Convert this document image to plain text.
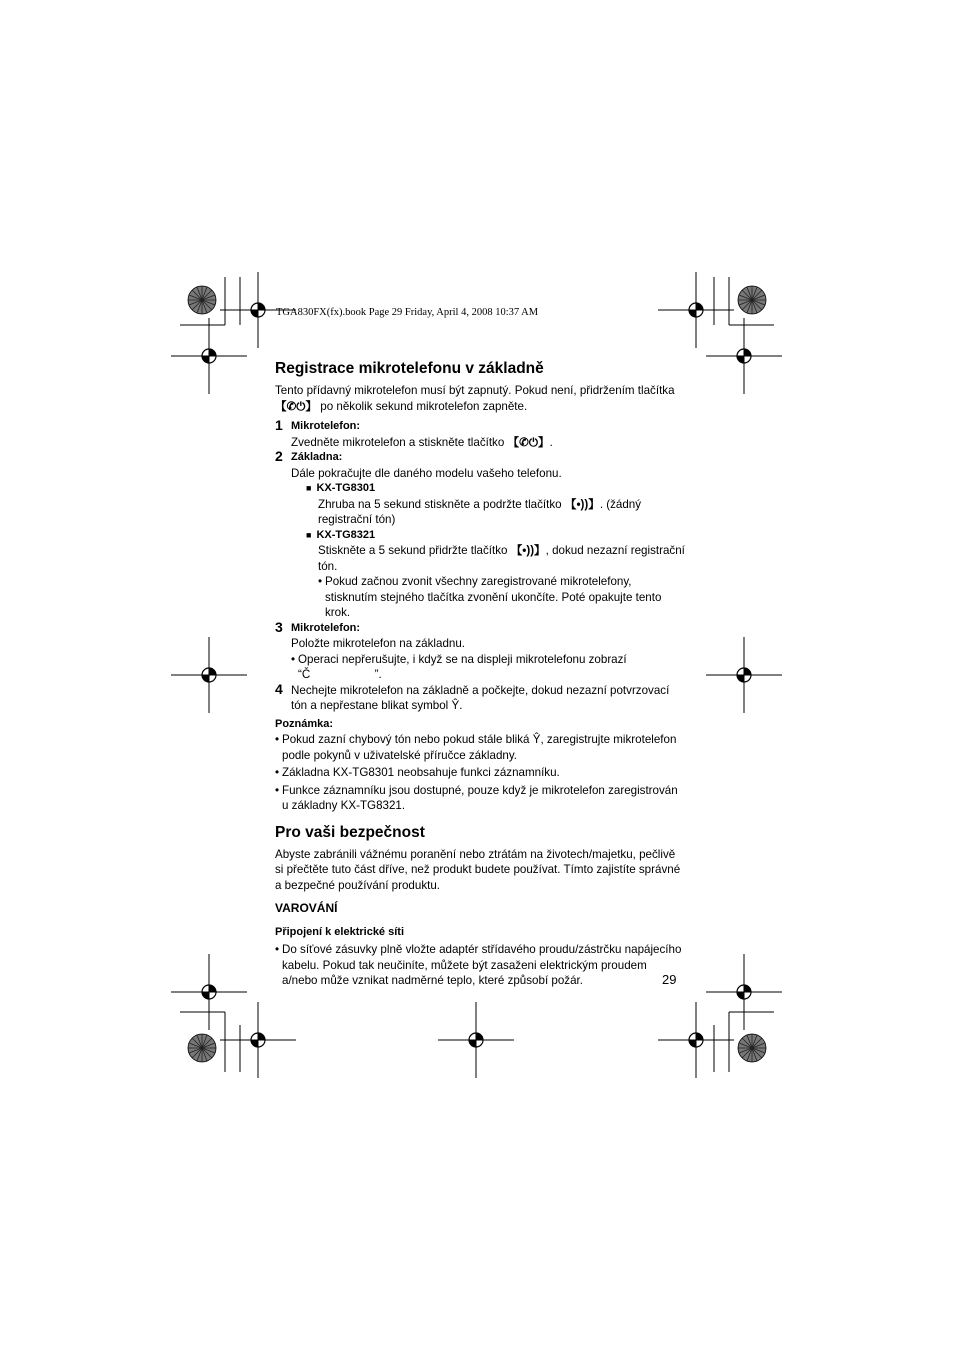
TGA830FX(fx).book Page 29 Friday, April 4, 2008 10:37 AM
Registrace mikrotelefonu v základně

Tento přídavný mikrotelefon musí být zapnutý. Pokud není, přidržením tlačítka 【✆⏻】 po několik sekund mikrotelefon zapněte.

1 Mikrotelefon:
Zvedněte mikrotelefon a stiskněte tlačítko 【✆⏻】.
2 Základna:
Dále pokračujte dle daného modelu vašeho telefonu.
■ KX-TG8301
Zhruba na 5 sekund stiskněte a podržte tlačítko 【•))】. (žádný registrační tón)
■ KX-TG8321
Stiskněte a 5 sekund přidržte tlačítko 【•))】, dokud nezazní registrační tón.
• Pokud začnou zvonit všechny zaregistrované mikrotelefony, stisknutím stejného tlačítka zvonění ukončíte. Poté opakujte tento krok.
3 Mikrotelefon:
Položte mikrotelefon na základnu.
• Operaci nepřerušujte, i když se na displeji mikrotelefonu zobrazí
“Č                    ”.
4 Nechejte mikrotelefon na základně a počkejte, dokud nezazní potvrzovací tón a nepřestane blikat symbol Ŷ.
Poznámka:
• Pokud zazní chybový tón nebo pokud stále bliká Ŷ, zaregistrujte mikrotelefon podle pokynů v uživatelské příručce základny.
• Základna KX-TG8301 neobsahuje funkci záznamníku.
• Funkce záznamníku jsou dostupné, pouze když je mikrotelefon zaregistrován u základny KX-TG8321.
Pro vaši bezpečnost

Abyste zabránili vážnému poranění nebo ztrátám na životech/majetku, pečlivě si přečtěte tuto část dříve, než produkt budete používat. Tímto zajistíte správné a bezpečné používání produktu.

VAROVÁNÍ
Připojení k elektrické síti
• Do síťové zásuvky plně vložte adaptér střídavého proudu/zástrčku napájecího kabelu. Pokud tak neučiníte, můžete být zasaženi elektrickým proudem a/nebo může vznikat nadměrné teplo, které způsobí požár.	29
